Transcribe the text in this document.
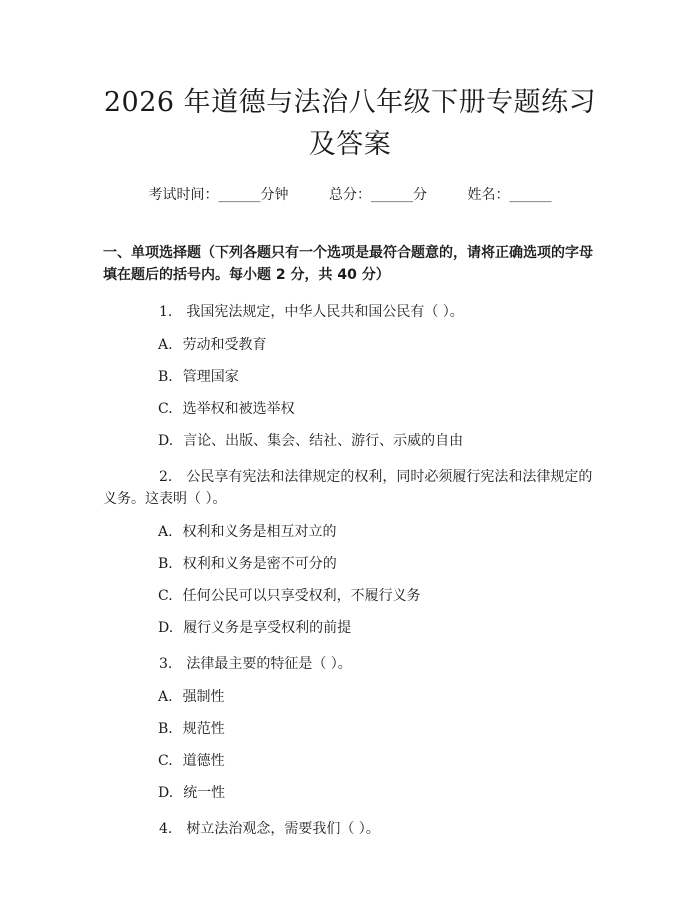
2026 年道德与法治八年级下册专题练习及答案
考试时间：______分钟	总分：______分	姓名：______
一、单项选择题（下列各题只有一个选项是最符合题意的，请将正确选项的字母填在题后的括号内。每小题 2 分，共 40 分）
1. 我国宪法规定，中华人民共和国公民有（ ）。
A. 劳动和受教育
B. 管理国家
C. 选举权和被选举权
D. 言论、出版、集会、结社、游行、示威的自由
2. 公民享有宪法和法律规定的权利，同时必须履行宪法和法律规定的义务。这表明（ ）。
A. 权利和义务是相互对立的
B. 权利和义务是密不可分的
C. 任何公民可以只享受权利，不履行义务
D. 履行义务是享受权利的前提
3. 法律最主要的特征是（ ）。
A. 强制性
B. 规范性
C. 道德性
D. 统一性
4. 树立法治观念，需要我们（ ）。
